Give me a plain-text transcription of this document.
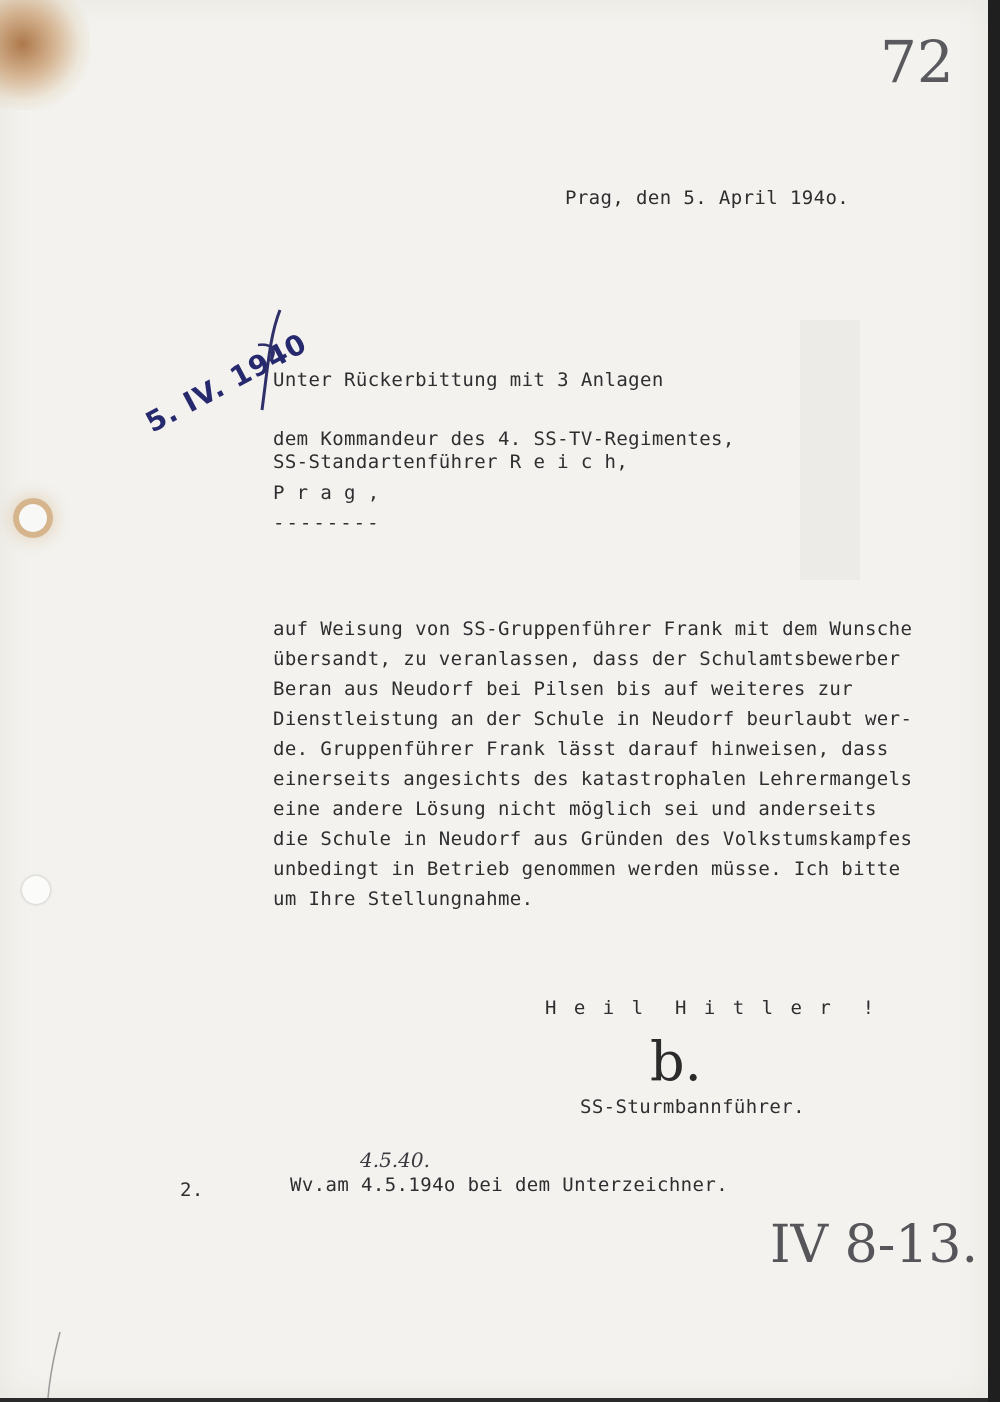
72
Prag, den 5. April 194o.
5. IV. 1940
Unter Rückerbittung mit 3 Anlagen
dem Kommandeur des 4. SS-TV-Regimentes,
SS-Standartenführer R e i c h,
P r a g ,
--------
auf Weisung von SS-Gruppenführer Frank mit dem Wunsche
übersandt, zu veranlassen, dass der Schulamtsbewerber
Beran aus Neudorf bei Pilsen bis auf weiteres zur
Dienstleistung an der Schule in Neudorf beurlaubt wer-
de. Gruppenführer Frank lässt darauf hinweisen, dass
einerseits angesichts des katastrophalen Lehrermangels
eine andere Lösung nicht möglich sei und anderseits
die Schule in Neudorf aus Gründen des Volkstumskampfes
unbedingt in Betrieb genommen werden müsse. Ich bitte
um Ihre Stellungnahme.
H e i l  H i t l e r  !
b.
SS-Sturmbannführer.
4.5.40.
2.	Wv.am 4.5.194o bei dem Unterzeichner.
IV 8-13.
